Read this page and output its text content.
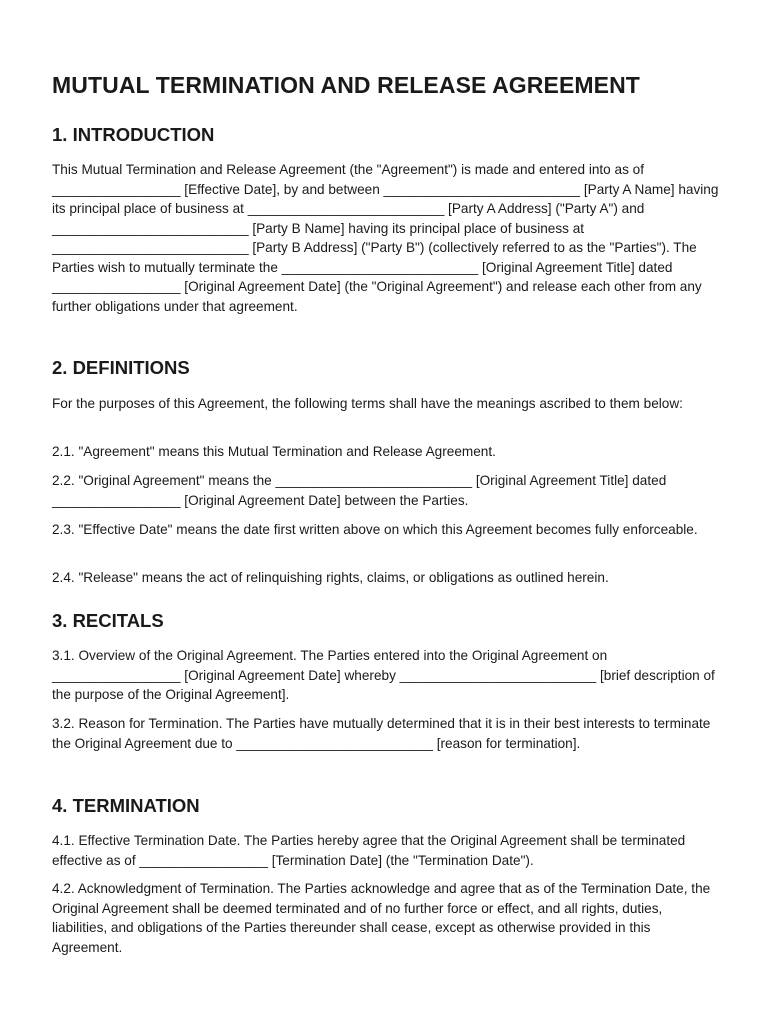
MUTUAL TERMINATION AND RELEASE AGREEMENT
1. INTRODUCTION

This Mutual Termination and Release Agreement (the "Agreement") is made and entered into as of _________________ [Effective Date], by and between __________________________ [Party A Name] having its principal place of business at __________________________ [Party A Address] ("Party A") and __________________________ [Party B Name] having its principal place of business at __________________________ [Party B Address] ("Party B") (collectively referred to as the "Parties"). The Parties wish to mutually terminate the __________________________ [Original Agreement Title] dated _________________ [Original Agreement Date] (the "Original Agreement") and release each other from any further obligations under that agreement.

2. DEFINITIONS

For the purposes of this Agreement, the following terms shall have the meanings ascribed to them below:

2.1. "Agreement" means this Mutual Termination and Release Agreement.

2.2. "Original Agreement" means the __________________________ [Original Agreement Title] dated _________________ [Original Agreement Date] between the Parties.

2.3. "Effective Date" means the date first written above on which this Agreement becomes fully enforceable.

2.4. "Release" means the act of relinquishing rights, claims, or obligations as outlined herein.

3. RECITALS

3.1. Overview of the Original Agreement. The Parties entered into the Original Agreement on _________________ [Original Agreement Date] whereby __________________________ [brief description of the purpose of the Original Agreement].

3.2. Reason for Termination. The Parties have mutually determined that it is in their best interests to terminate the Original Agreement due to __________________________ [reason for termination].

4. TERMINATION

4.1. Effective Termination Date. The Parties hereby agree that the Original Agreement shall be terminated effective as of _________________ [Termination Date] (the "Termination Date").

4.2. Acknowledgment of Termination. The Parties acknowledge and agree that as of the Termination Date, the Original Agreement shall be deemed terminated and of no further force or effect, and all rights, duties, liabilities, and obligations of the Parties thereunder shall cease, except as otherwise provided in this Agreement.
